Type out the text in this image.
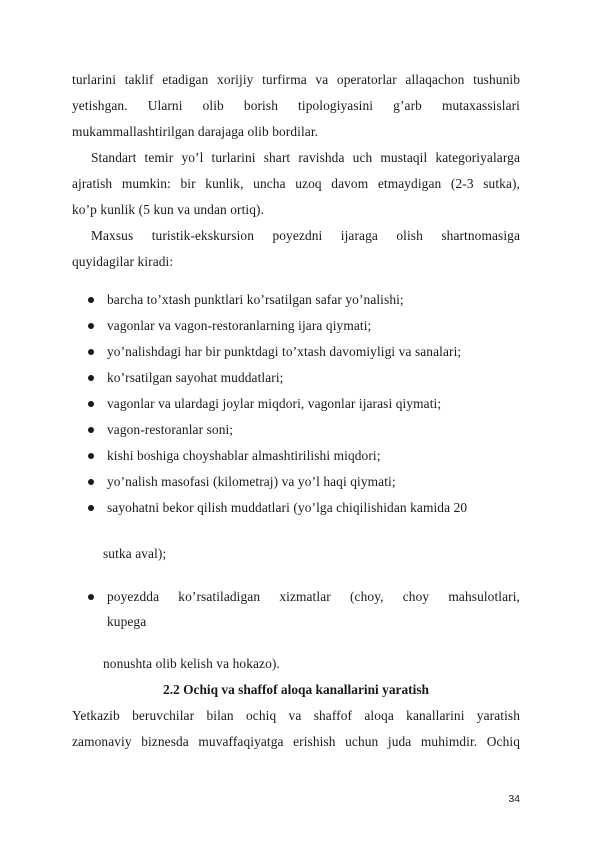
turlarini taklif etadigan xorijiy turfirma va operatorlar allaqachon tushunib
yetishgan. Ularni olib borish tipologiyasini g’arb mutaxassislari
mukammallashtirilgan darajaga olib bordilar.
Standart temir yo’l turlarini shart ravishda uch mustaqil kategoriyalarga
ajratish mumkin: bir kunlik, uncha uzoq davom etmaydigan (2-3 sutka),
ko’p kunlik (5 kun va undan ortiq).
Maxsus turistik-ekskursion poyezdni ijaraga olish shartnomasiga
quyidagilar kiradi:
barcha to’xtash punktlari ko’rsatilgan safar yo’nalishi;
vagonlar va vagon-restoranlarning ijara qiymati;
yo’nalishdagi har bir punktdagi to’xtash davomiyligi va sanalari;
ko’rsatilgan sayohat muddatlari;
vagonlar va ulardagi joylar miqdori, vagonlar ijarasi qiymati;
vagon-restoranlar soni;
kishi boshiga choyshablar almashtirilishi miqdori;
yo’nalish masofasi (kilometraj) va yo’l haqi qiymati;
sayohatni bekor qilish muddatlari (yo’lga chiqilishidan kamida 20
sutka aval);
poyezdda ko’rsatiladigan xizmatlar (choy, choy mahsulotlari,
kupega
nonushta olib kelish va hokazo).
2.2 Ochiq va shaffof aloqa kanallarini yaratish
Yetkazib beruvchilar bilan ochiq va shaffof aloqa kanallarini yaratish
zamonaviy biznesda muvaffaqiyatga erishish uchun juda muhimdir. Ochiq
34
